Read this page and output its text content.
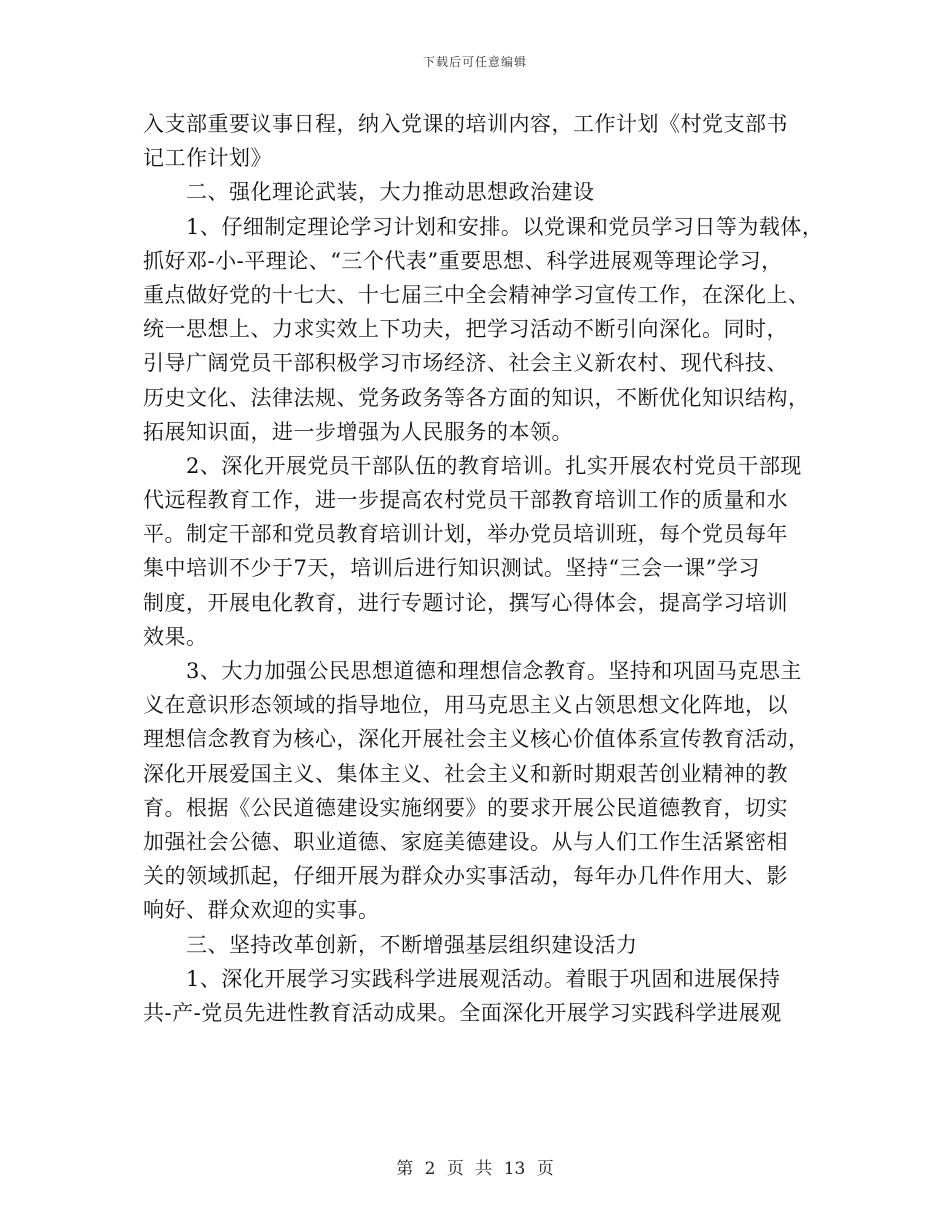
下载后可任意编辑
入支部重要议事日程，纳入党课的培训内容，工作计划《村党支部书
记工作计划》
　　二、强化理论武装，大力推动思想政治建设
　　1、仔细制定理论学习计划和安排。以党课和党员学习日等为载体，
抓好邓-小-平理论、“三个代表”重要思想、科学进展观等理论学习，
重点做好党的十七大、十七届三中全会精神学习宣传工作，在深化上、
统一思想上、力求实效上下功夫，把学习活动不断引向深化。同时，
引导广阔党员干部积极学习市场经济、社会主义新农村、现代科技、
历史文化、法律法规、党务政务等各方面的知识，不断优化知识结构，
拓展知识面，进一步增强为人民服务的本领。
　　2、深化开展党员干部队伍的教育培训。扎实开展农村党员干部现
代远程教育工作，进一步提高农村党员干部教育培训工作的质量和水
平。制定干部和党员教育培训计划，举办党员培训班，每个党员每年
集中培训不少于7天，培训后进行知识测试。坚持“三会一课”学习
制度，开展电化教育，进行专题讨论，撰写心得体会，提高学习培训
效果。
　　3、大力加强公民思想道德和理想信念教育。坚持和巩固马克思主
义在意识形态领域的指导地位，用马克思主义占领思想文化阵地，以
理想信念教育为核心，深化开展社会主义核心价值体系宣传教育活动，
深化开展爱国主义、集体主义、社会主义和新时期艰苦创业精神的教
育。根据《公民道德建设实施纲要》的要求开展公民道德教育，切实
加强社会公德、职业道德、家庭美德建设。从与人们工作生活紧密相
关的领域抓起，仔细开展为群众办实事活动，每年办几件作用大、影
响好、群众欢迎的实事。
　　三、坚持改革创新，不断增强基层组织建设活力
　　1、深化开展学习实践科学进展观活动。着眼于巩固和进展保持
共-产-党员先进性教育活动成果。全面深化开展学习实践科学进展观
第 2 页 共 13 页
